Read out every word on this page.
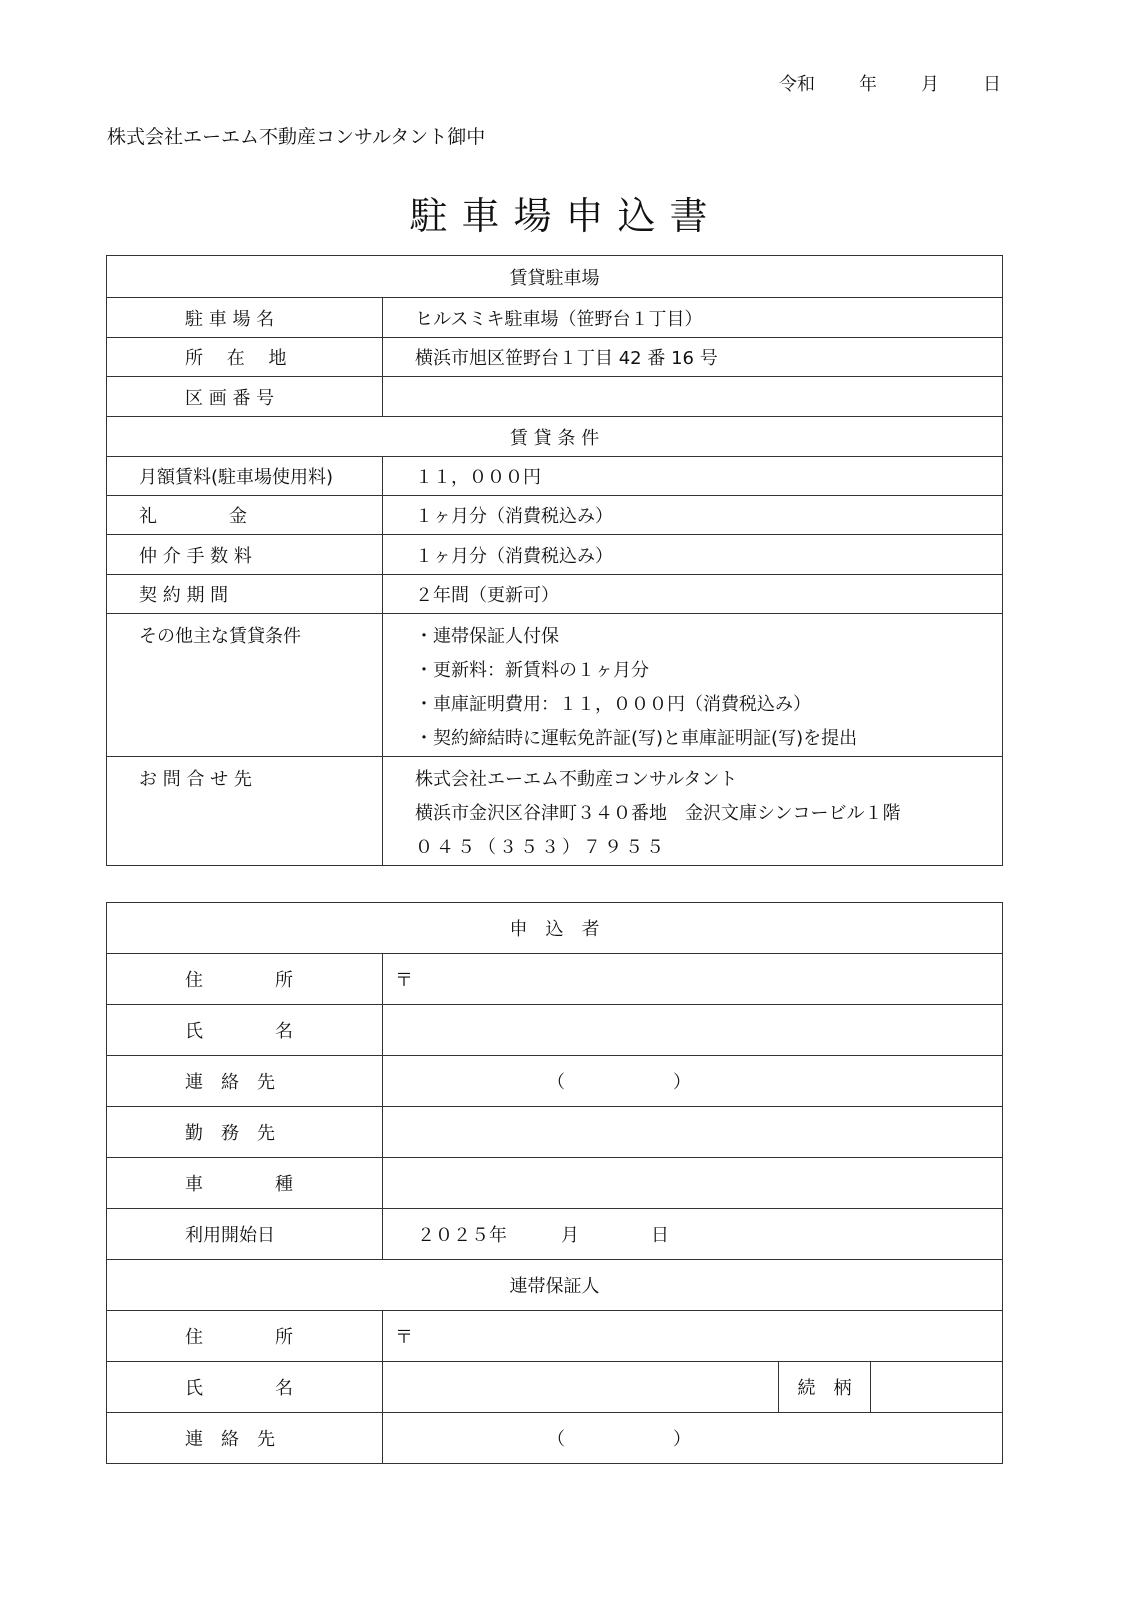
令和 年 月 日
株式会社エーエム不動産コンサルタント御中
駐車場申込書
賃貸駐車場	
駐 車 場 名	ヒルスミキ駐車場（笹野台１丁目）
所　 在　 地	横浜市旭区笹野台１丁目 42 番 16 号
区 画 番 号	
賃 貸 条 件	
月額賃料(駐車場使用料)	１１，０００円
礼　　　　金	１ヶ月分（消費税込み）
仲 介 手 数 料	１ヶ月分（消費税込み）
契 約 期 間	２年間（更新可）
その他主な賃貸条件	・連帯保証人付保
・更新料：新賃料の１ヶ月分
・車庫証明費用：１１，０００円（消費税込み）
・契約締結時に運転免許証(写)と車庫証明証(写)を提出

お 問 合 せ 先	株式会社エーエム不動産コンサルタント
横浜市金沢区谷津町３４０番地　金沢文庫シンコービル１階
０４５（３５３）７９５５
申　込　者			
住　　　　所	〒		
氏　　　　名			
連　絡　先	（　　　　　　）		
勤　務　先			
車　　　　種			
利用開始日	２０２５年　　　月　　　　日		
連帯保証人			
住　　　　所	〒		
氏　　　　名		続　柄	
連　絡　先	（　　　　　　）		
